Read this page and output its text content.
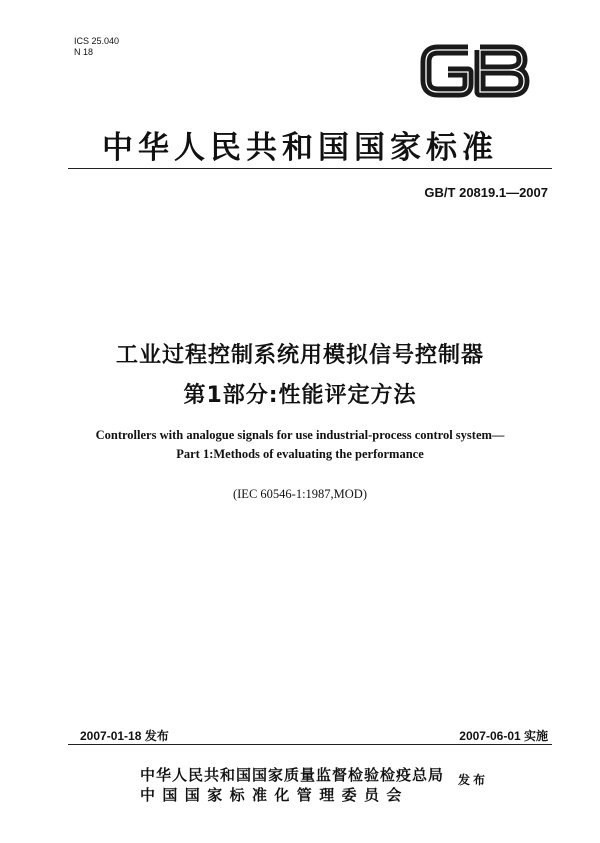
ICS 25.040
N 18
中华人民共和国国家标准
GB/T 20819.1—2007
工业过程控制系统用模拟信号控制器
第1部分:性能评定方法
Controllers with analogue signals for use industrial-process control system—
Part 1:Methods of evaluating the performance
(IEC 60546-1:1987,MOD)
2007-01-18 发布	2007-06-01 实施
中华人民共和国国家质量监督检验检疫总局
中国国家标准化管理委员会
发布
